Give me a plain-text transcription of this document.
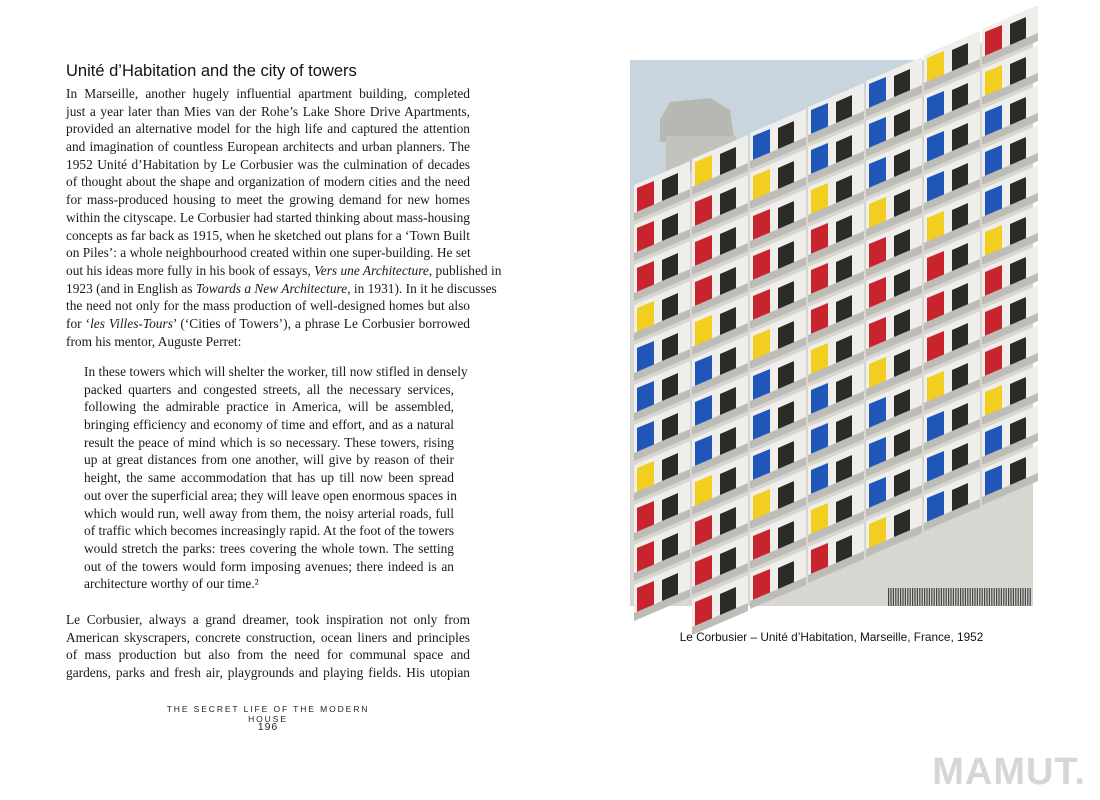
Unité d’Habitation and the city of towers
In Marseille, another hugely influential apartment building, completed
just a year later than Mies van der Rohe’s Lake Shore Drive Apartments,
provided an alternative model for the high life and captured the attention
and imagination of countless European architects and urban planners. The
1952 Unité d’Habitation by Le Corbusier was the culmination of decades
of thought about the shape and organization of modern cities and the need
for mass-produced housing to meet the growing demand for new homes
within the cityscape. Le Corbusier had started thinking about mass-housing
concepts as far back as 1915, when he sketched out plans for a ‘Town Built
on Piles’: a whole neighbourhood created within one super-building. He set
out his ideas more fully in his book of essays, Vers une Architecture, published in
1923 (and in English as Towards a New Architecture, in 1931). In it he discusses
the need not only for the mass production of well-designed homes but also
for ‘les Villes-Tours’ (‘Cities of Towers’), a phrase Le Corbusier borrowed
from his mentor, Auguste Perret:
In these towers which will shelter the worker, till now stifled in densely
packed quarters and congested streets, all the necessary services,
following the admirable practice in America, will be assembled,
bringing efficiency and economy of time and effort, and as a natural
result the peace of mind which is so necessary. These towers, rising
up at great distances from one another, will give by reason of their
height, the same accommodation that has up till now been spread
out over the superficial area; they will leave open enormous spaces in
which would run, well away from them, the noisy arterial roads, full
of traffic which becomes increasingly rapid. At the foot of the towers
would stretch the parks: trees covering the whole town. The setting
out of the towers would form imposing avenues; there indeed is an
architecture worthy of our time.²
Le Corbusier, always a grand dreamer, took inspiration not only from
American skyscrapers, concrete construction, ocean liners and principles
of mass production but also from the need for communal space and
gardens, parks and fresh air, playgrounds and playing fields. His utopian
THE SECRET LIFE OF THE MODERN HOUSE
196
Le Corbusier – Unité d’Habitation, Marseille, France, 1952
MAMUT.
